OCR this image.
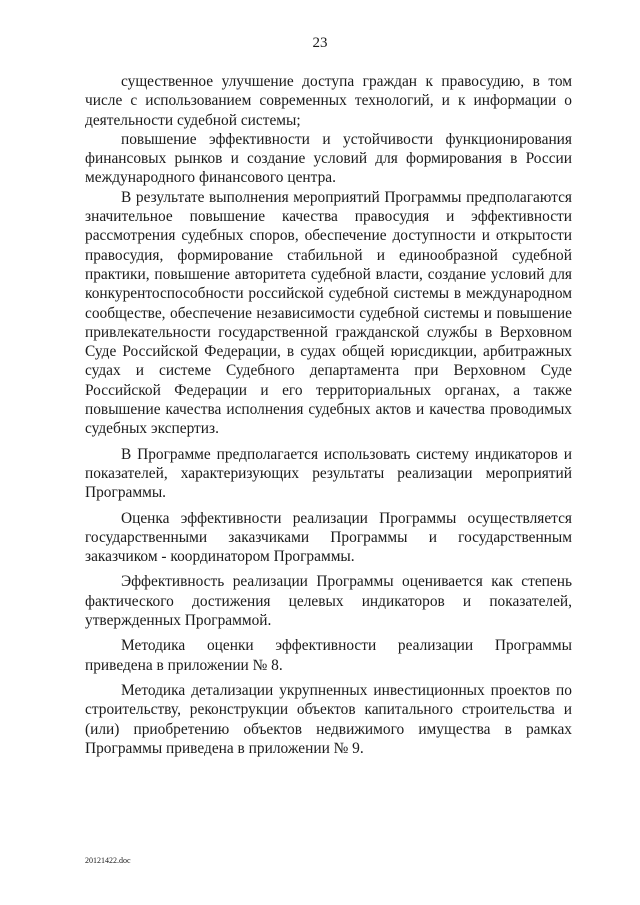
23

существенное улучшение доступа граждан к правосудию, в том числе с использованием современных технологий, и к информации о деятельности судебной системы;

повышение эффективности и устойчивости функционирования финансовых рынков и создание условий для формирования в России международного финансового центра.

В результате выполнения мероприятий Программы предполагаются значительное повышение качества правосудия и эффективности рассмотрения судебных споров, обеспечение доступности и открытости правосудия, формирование стабильной и единообразной судебной практики, повышение авторитета судебной власти, создание условий для конкурентоспособности российской судебной системы в международном сообществе, обеспечение независимости судебной системы и повышение привлекательности государственной гражданской службы в Верховном Суде Российской Федерации, в судах общей юрисдикции, арбитражных судах и системе Судебного департамента при Верховном Суде Российской Федерации и его территориальных органах, а также повышение качества исполнения судебных актов и качества проводимых судебных экспертиз.

В Программе предполагается использовать систему индикаторов и показателей, характеризующих результаты реализации мероприятий Программы.

Оценка эффективности реализации Программы осуществляется государственными заказчиками Программы и государственным заказчиком - координатором Программы.

Эффективность реализации Программы оценивается как степень фактического достижения целевых индикаторов и показателей, утвержденных Программой.

Методика оценки эффективности реализации Программы приведена в приложении № 8.

Методика детализации укрупненных инвестиционных проектов по строительству, реконструкции объектов капитального строительства и (или) приобретению объектов недвижимого имущества в рамках Программы приведена в приложении № 9.

20121422.doc
